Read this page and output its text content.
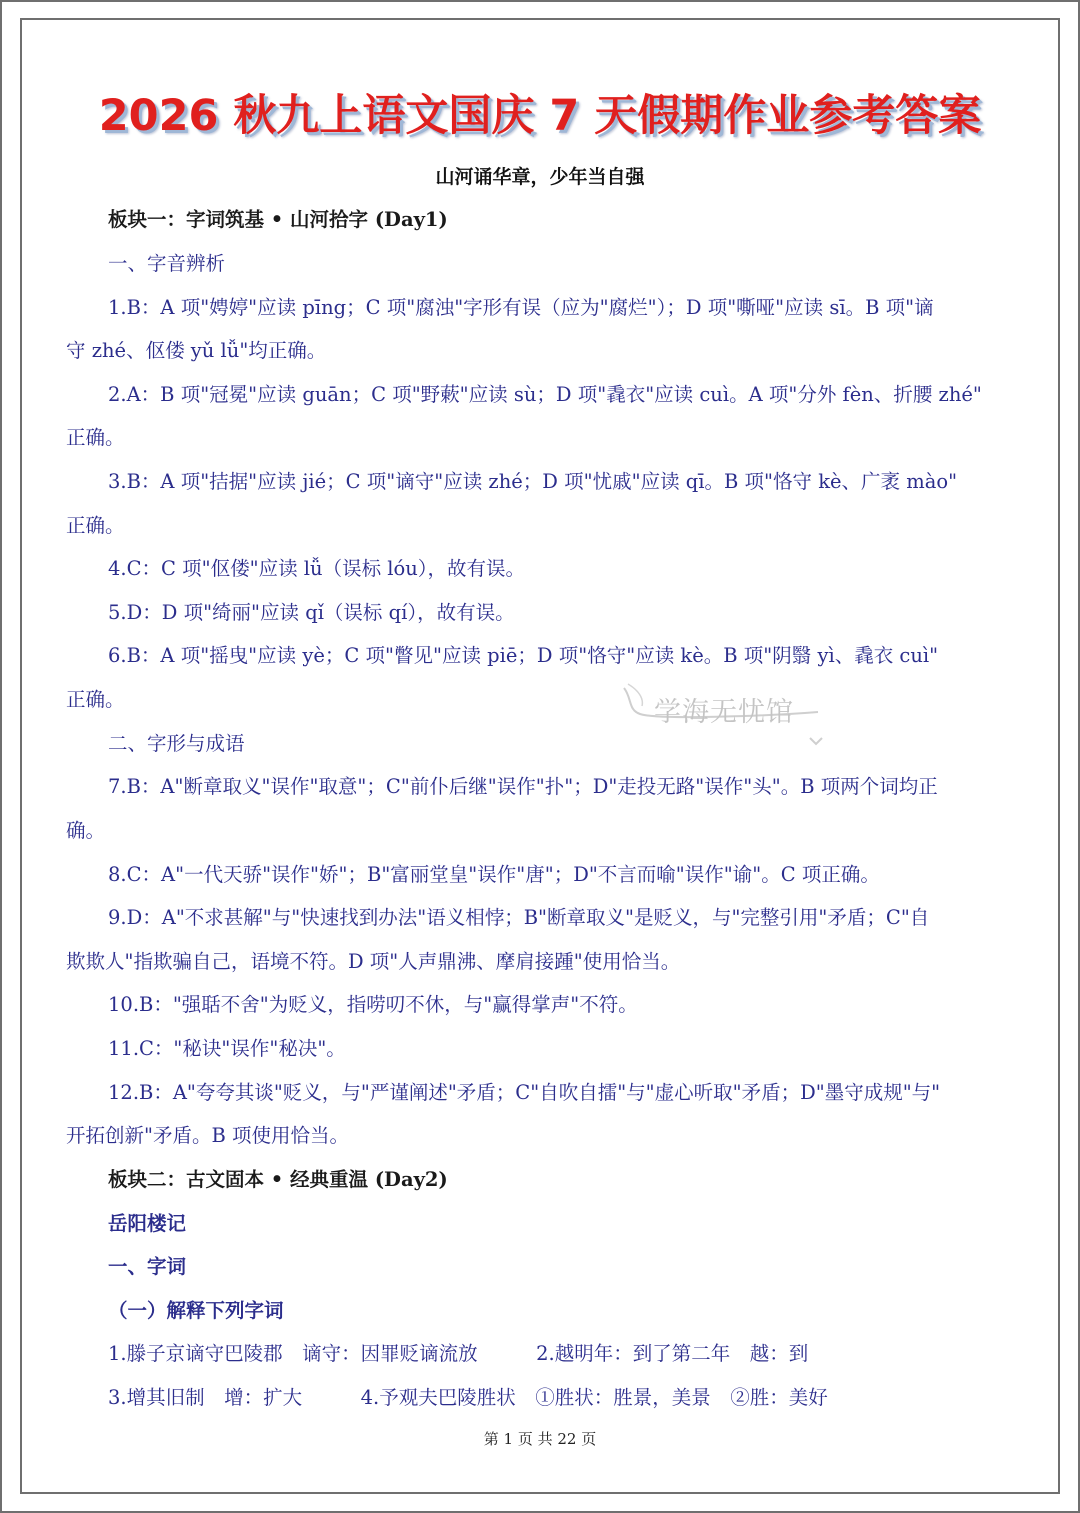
2026 秋九上语文国庆 7 天假期作业参考答案
山河诵华章，少年当自强
板块一：字词筑基 • 山河拾字 (Day1)
一、字音辨析
1.B：A 项"娉婷"应读 pīng；C 项"腐浊"字形有误（应为"腐烂"）；D 项"嘶哑"应读 sī。B 项"谪
守 zhé、伛偻 yǔ lǚ"均正确。
2.A：B 项"冠冕"应读 guān；C 项"野蔌"应读 sù；D 项"毳衣"应读 cuì。A 项"分外 fèn、折腰 zhé"
正确。
3.B：A 项"拮据"应读 jié；C 项"谪守"应读 zhé；D 项"忧戚"应读 qī。B 项"恪守 kè、广袤 mào"
正确。
4.C：C 项"伛偻"应读 lǚ（误标 lóu），故有误。
5.D：D 项"绮丽"应读 qǐ（误标 qí），故有误。
6.B：A 项"摇曳"应读 yè；C 项"瞥见"应读 piē；D 项"恪守"应读 kè。B 项"阴翳 yì、毳衣 cuì"
正确。
二、字形与成语
7.B：A"断章取义"误作"取意"；C"前仆后继"误作"扑"；D"走投无路"误作"头"。B 项两个词均正
确。
8.C：A"一代天骄"误作"娇"；B"富丽堂皇"误作"唐"；D"不言而喻"误作"谕"。C 项正确。
9.D：A"不求甚解"与"快速找到办法"语义相悖；B"断章取义"是贬义，与"完整引用"矛盾；C"自
欺欺人"指欺骗自己，语境不符。D 项"人声鼎沸、摩肩接踵"使用恰当。
10.B："强聒不舍"为贬义，指唠叨不休，与"赢得掌声"不符。
11.C："秘诀"误作"秘决"。
12.B：A"夸夸其谈"贬义，与"严谨阐述"矛盾；C"自吹自擂"与"虚心听取"矛盾；D"墨守成规"与"
开拓创新"矛盾。B 项使用恰当。
板块二：古文固本 • 经典重温 (Day2)
岳阳楼记
一、字词
（一）解释下列字词
1.滕子京谪守巴陵郡　谪守：因罪贬谪流放　　　2.越明年：到了第二年　越：到
3.增其旧制　增：扩大　　　4.予观夫巴陵胜状　①胜状：胜景，美景　②胜：美好
学海无忧馆
第 1 页 共 22 页
